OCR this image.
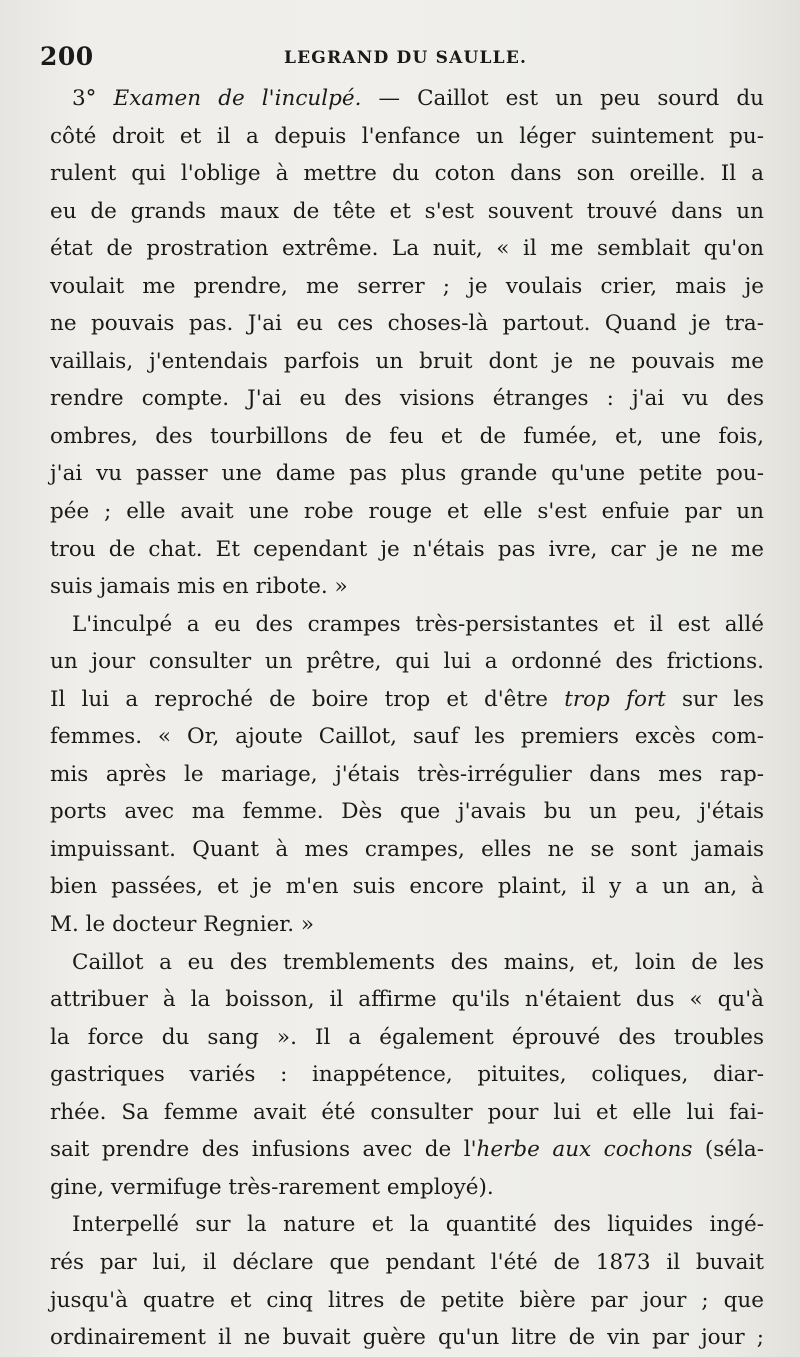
200	LEGRAND DU SAULLE.
3° Examen de l'inculpé. — Caillot est un peu sourd du
côté droit et il a depuis l'enfance un léger suintement pu-
rulent qui l'oblige à mettre du coton dans son oreille. Il a
eu de grands maux de tête et s'est souvent trouvé dans un
état de prostration extrême. La nuit, « il me semblait qu'on
voulait me prendre, me serrer ; je voulais crier, mais je
ne pouvais pas. J'ai eu ces choses-là partout. Quand je tra-
vaillais, j'entendais parfois un bruit dont je ne pouvais me
rendre compte. J'ai eu des visions étranges : j'ai vu des
ombres, des tourbillons de feu et de fumée, et, une fois,
j'ai vu passer une dame pas plus grande qu'une petite pou-
pée ; elle avait une robe rouge et elle s'est enfuie par un
trou de chat. Et cependant je n'étais pas ivre, car je ne me
suis jamais mis en ribote. »
L'inculpé a eu des crampes très-persistantes et il est allé
un jour consulter un prêtre, qui lui a ordonné des frictions.
Il lui a reproché de boire trop et d'être trop fort sur les
femmes. « Or, ajoute Caillot, sauf les premiers excès com-
mis après le mariage, j'étais très-irrégulier dans mes rap-
ports avec ma femme. Dès que j'avais bu un peu, j'étais
impuissant. Quant à mes crampes, elles ne se sont jamais
bien passées, et je m'en suis encore plaint, il y a un an, à
M. le docteur Regnier. »
Caillot a eu des tremblements des mains, et, loin de les
attribuer à la boisson, il affirme qu'ils n'étaient dus « qu'à
la force du sang ». Il a également éprouvé des troubles
gastriques variés : inappétence, pituites, coliques, diar-
rhée. Sa femme avait été consulter pour lui et elle lui fai-
sait prendre des infusions avec de l'herbe aux cochons (séla-
gine, vermifuge très-rarement employé).
Interpellé sur la nature et la quantité des liquides ingé-
rés par lui, il déclare que pendant l'été de 1873 il buvait
jusqu'à quatre et cinq litres de petite bière par jour ; que
ordinairement il ne buvait guère qu'un litre de vin par jour ;
